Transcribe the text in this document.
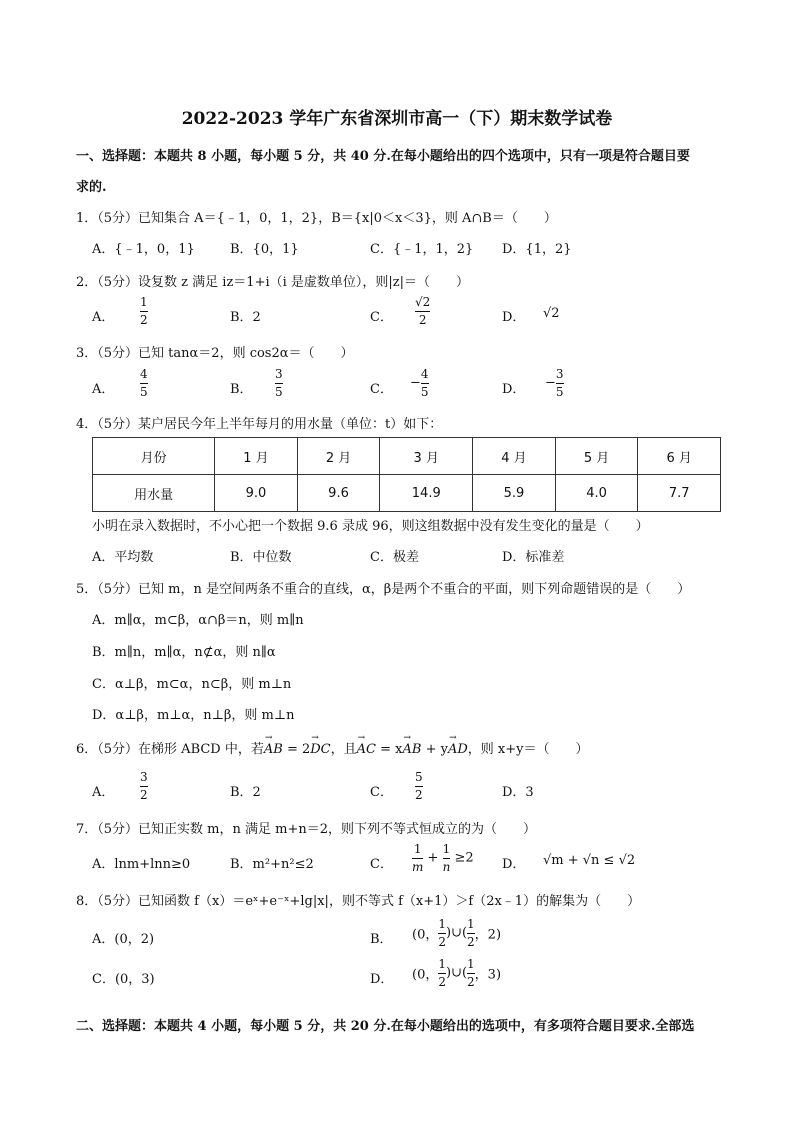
2022-2023 学年广东省深圳市高一（下）期末数学试卷
一、选择题：本题共 8 小题，每小题 5 分，共 40 分.在每小题给出的四个选项中，只有一项是符合题目要
求的.
1．（5分）已知集合 A＝{﹣1，0，1，2}，B＝{x|0＜x＜3}，则 A∩B＝（　　）
A．{﹣1，0，1}	B．{0，1}	C．{﹣1，1，2} D．{1，2}
2．（5分）设复数 z 满足 iz＝1+i（i 是虚数单位），则|z|＝（　　）
A． $\frac{1}{2}$	B．2	C． $\frac{√2}{2}$	D． √2
3．（5分）已知 tanα＝2，则 cos2α＝（　　）
A． $\frac{4}{5}$	B． $\frac{3}{5}$	C． − $\frac{4}{5}$	D． − $\frac{3}{5}$
4．（5分）某户居民今年上半年每月的用水量（单位：t）如下：
月份	1 月	2 月	3 月	4 月	5 月	6 月
用水量	9.0	9.6	14.9	5.9	4.0	7.7
小明在录入数据时，不小心把一个数据 9.6 录成 96，则这组数据中没有发生变化的量是（　　）
A．平均数	B．中位数	C．极差	D．标准差
5．（5分）已知 m，n 是空间两条不重合的直线，α，β是两个不重合的平面，则下列命题错误的是（　　）
A．m∥α，m⊂β，α∩β＝n，则 m∥n
B．m∥n，m∥α，n⊄α，则 n∥α
C．α⊥β，m⊂α，n⊂β，则 m⊥n
D．α⊥β，m⊥α，n⊥β，则 m⊥n
6．（5分）在梯形 ABCD 中，若→ AB = 2→ DC，且→ AC = x→ AB + y→ AD，则 x+y＝（　　）
A． $\frac{3}{2}$	B．2	C． $\frac{5}{2}$	D．3
7．（5分）已知正实数 m，n 满足 m+n＝2，则下列不等式恒成立的为（　　）
A．lnm+lnn≥0	B．m²+n²≤2	C． $\frac{1}{m} + \frac{1}{n} \ge 2$ D． √m + √n ≤ √2
8．（5分）已知函数 f（x）＝eˣ+e⁻ˣ+lg|x|，则不等式 f（x+1）＞f（2x﹣1）的解集为（　　）
A．(0，2)	B． (0， $\frac{1}{2}$ )∪( $\frac{1}{2}$ ，2)
C．(0，3)	D． (0， $\frac{1}{2}$ )∪( $\frac{1}{2}$ ，3)
二、选择题：本题共 4 小题，每小题 5 分，共 20 分.在每小题给出的选项中，有多项符合题目要求.全部选
